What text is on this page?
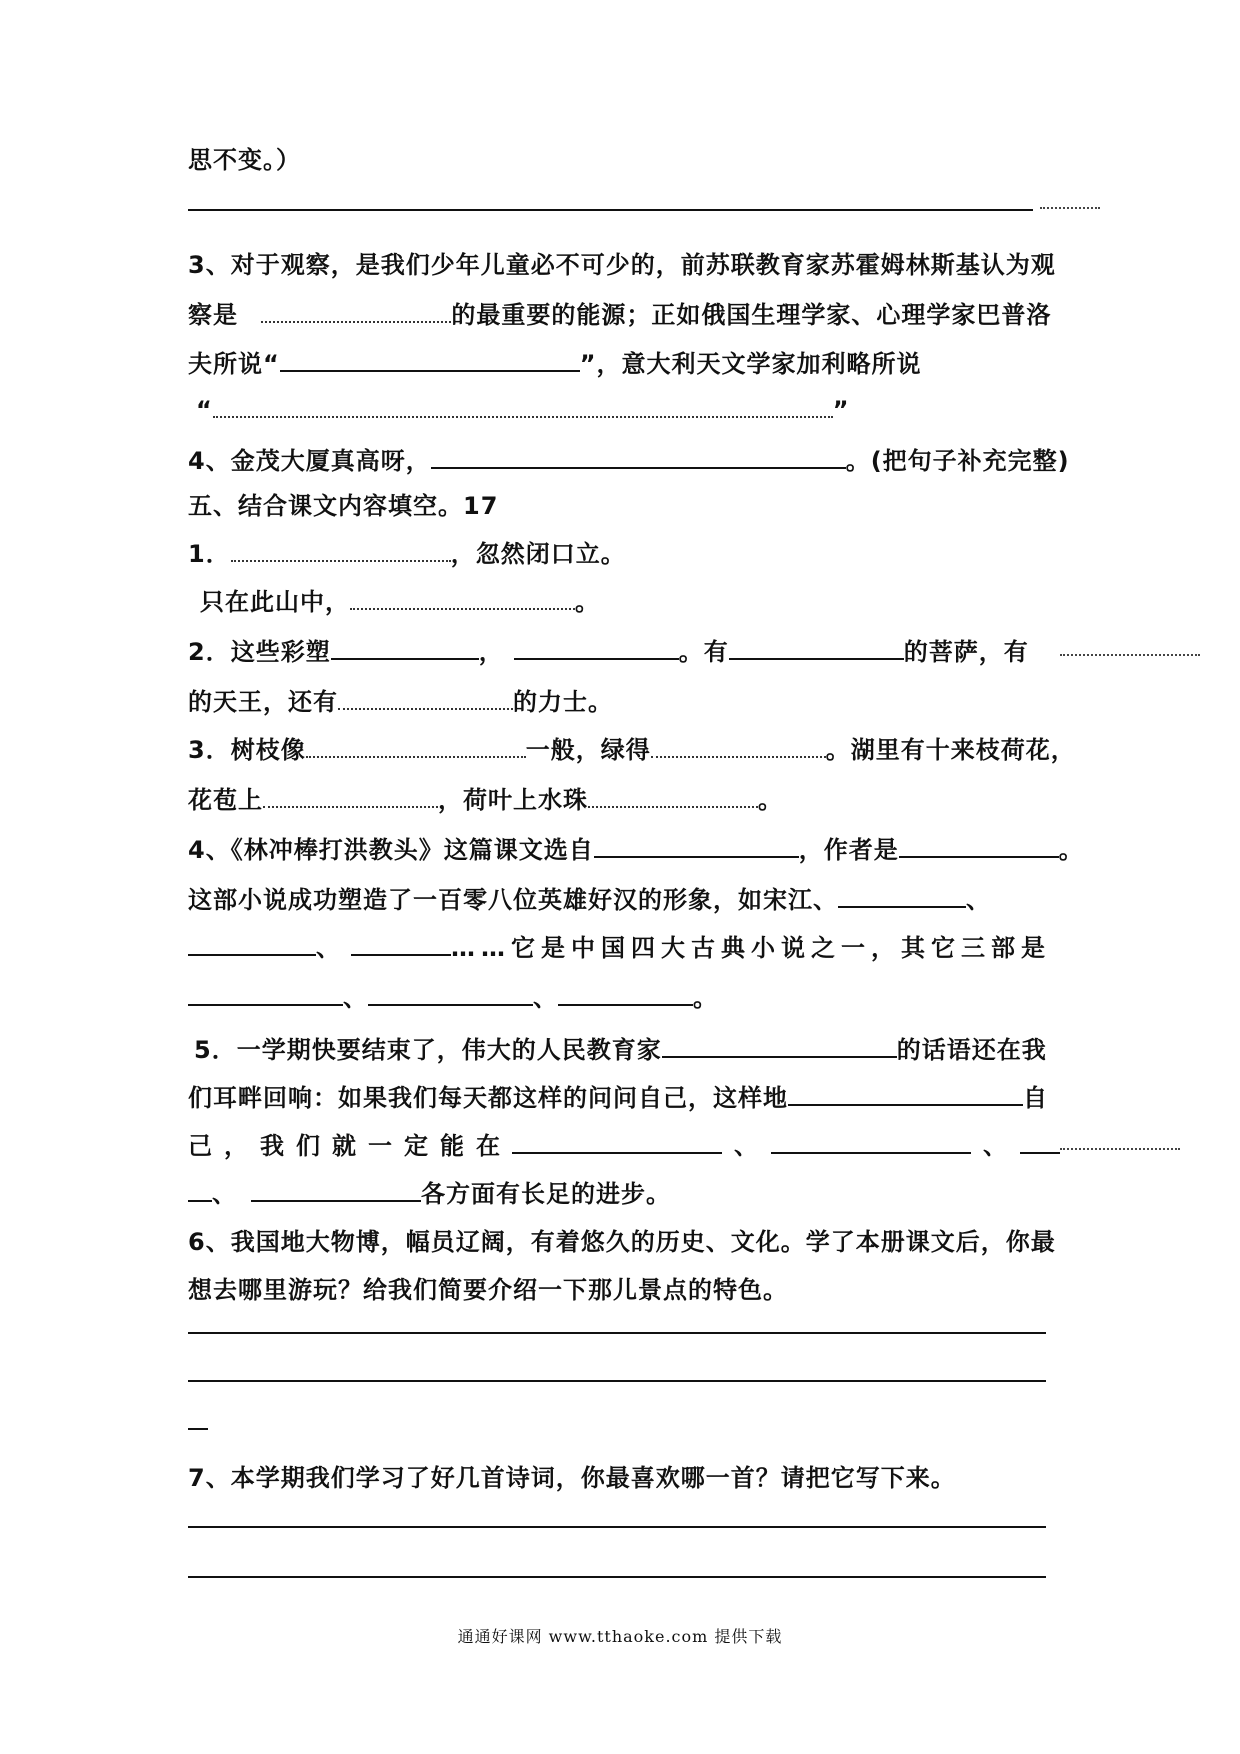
思不变。）
3、对于观察，是我们少年儿童必不可少的，前苏联教育家苏霍姆林斯基认为观
察是	的最重要的能源；正如俄国生理学家、心理学家巴普洛
夫所说“	”，意大利天文学家加利略所说
“	”
4、金茂大厦真高呀，	。(把句子补充完整)
五、结合课文内容填空。17
1．	，忽然闭口立。
只在此山中，	。
2．这些彩塑	，	。有	的菩萨，有
的天王，还有	的力士。
3．树枝像	一般，绿得	。湖里有十来枝荷花，
花苞上	，荷叶上水珠	。
4、《林冲棒打洪教头》这篇课文选自	，作者是	。
这部小说成功塑造了一百零八位英雄好汉的形象，如宋江、	、
、	……它是中国四大古典小说之一，其它三部是
、	、	。
5．一学期快要结束了，伟大的人民教育家	的话语还在我
们耳畔回响：如果我们每天都这样的问问自己，这样地	自
己，我们就一定能在	、	、
、	各方面有长足的进步。
6、我国地大物博，幅员辽阔，有着悠久的历史、文化。学了本册课文后，你最
想去哪里游玩？给我们简要介绍一下那儿景点的特色。
7、本学期我们学习了好几首诗词，你最喜欢哪一首？请把它写下来。
通通好课网 www.tthaoke.com 提供下载
